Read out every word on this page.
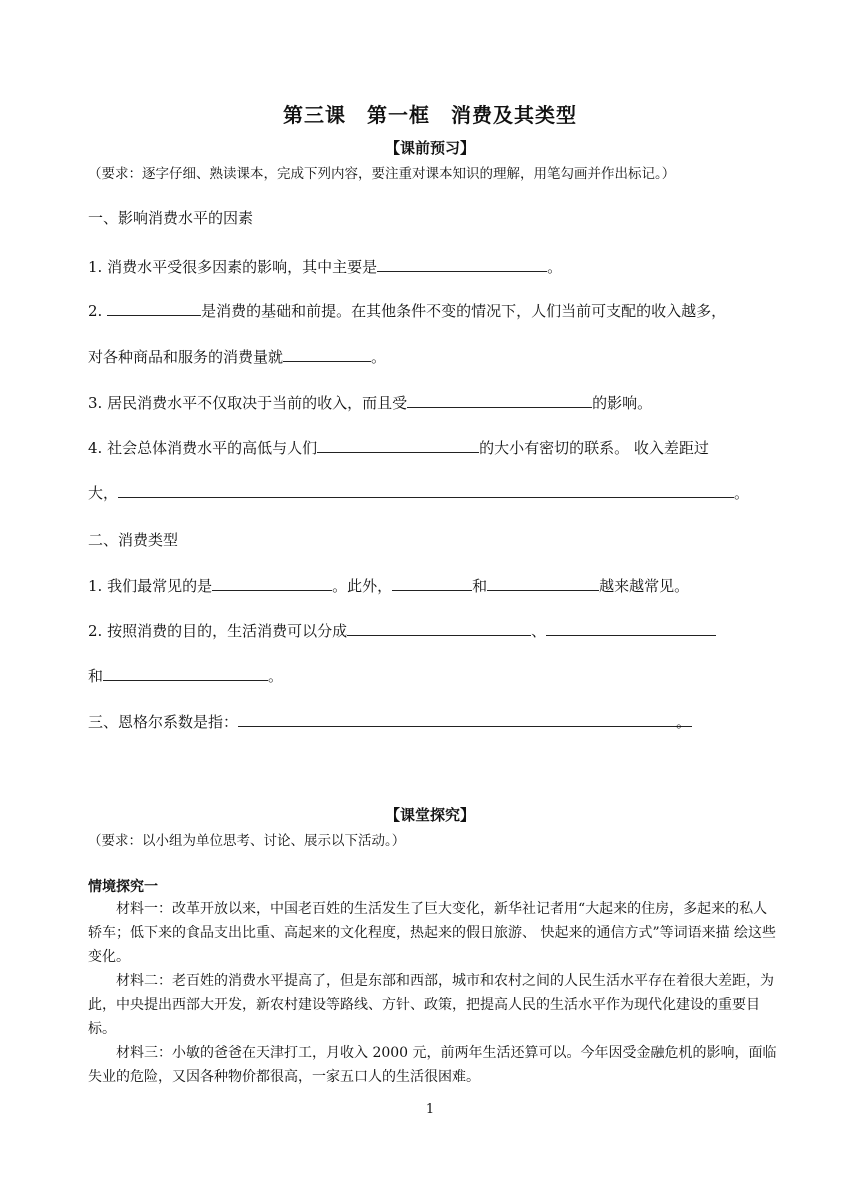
第三课　第一框　消费及其类型
【课前预习】
（要求：逐字仔细、熟读课本，完成下列内容，要注重对课本知识的理解，用笔勾画并作出标记。）
一、影响消费水平的因素
1. 消费水平受很多因素的影响，其中主要是	。
2.	是消费的基础和前提。在其他条件不变的情况下，人们当前可支配的收入越多，
对各种商品和服务的消费量就	。
3. 居民消费水平不仅取决于当前的收入，而且受	的影响。
4. 社会总体消费水平的高低与人们	的大小有密切的联系。 收入差距过
大，	。
二、消费类型
1. 我们最常见的是	。此外，	和	越来越常见。
2. 按照消费的目的，生活消费可以分成	、
和	。
三、恩格尔系数是指：	。
【课堂探究】
（要求：以小组为单位思考、讨论、展示以下活动。）
情境探究一

材料一：改革开放以来，中国老百姓的生活发生了巨大变化，新华社记者用“大起来的住房，多起来的私人轿车；低下来的食品支出比重、高起来的文化程度，热起来的假日旅游、 快起来的通信方式”等词语来描 绘这些变化。

材料二：老百姓的消费水平提高了，但是东部和西部，城市和农村之间的人民生活水平存在着很大差距，为此，中央提出西部大开发，新农村建设等路线、方针、政策，把提高人民的生活水平作为现代化建设的重要目标。

材料三：小敏的爸爸在天津打工，月收入 2000 元，前两年生活还算可以。今年因受金融危机的影响，面临失业的危险，又因各种物价都很高，一家五口人的生活很困难。

1
